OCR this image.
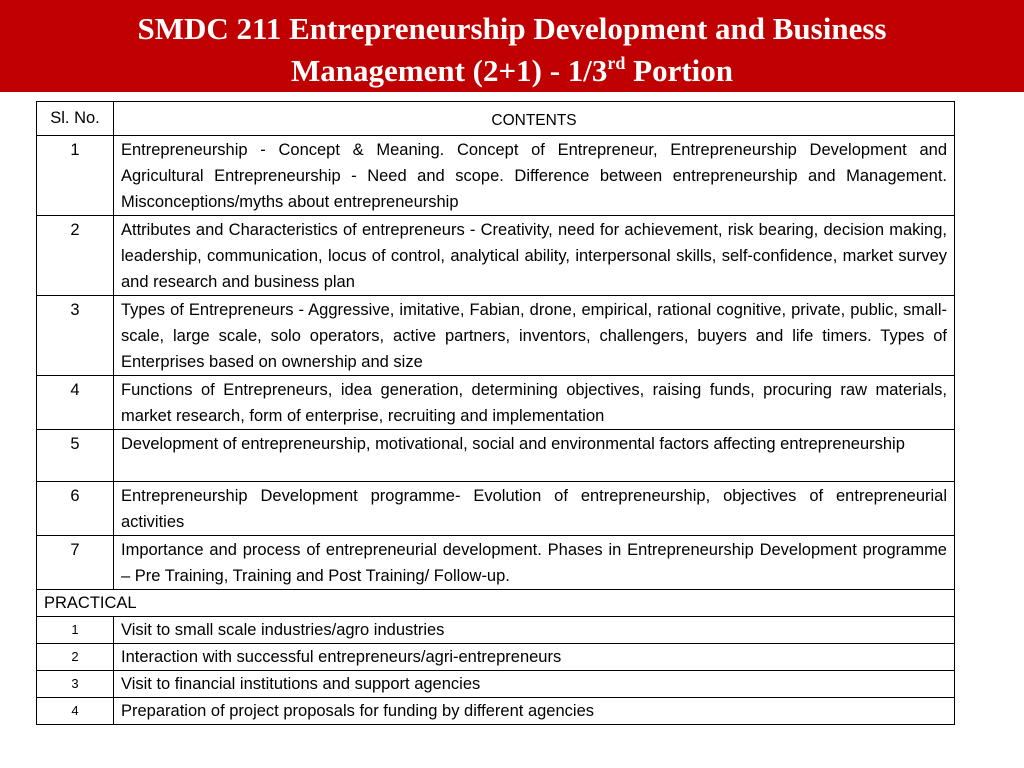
SMDC 211 Entrepreneurship Development and Business
Management (2+1) - 1/3rd Portion
Sl. No.	CONTENTS
1	Entrepreneurship - Concept & Meaning. Concept of Entrepreneur, Entrepreneurship Development and Agricultural Entrepreneurship - Need and scope. Difference between entrepreneurship and Management. Misconceptions/myths about entrepreneurship
2	Attributes and Characteristics of entrepreneurs - Creativity, need for achievement, risk bearing, decision making, leadership, communication, locus of control, analytical ability, interpersonal skills, self-confidence, market survey and research and business plan
3	Types of Entrepreneurs - Aggressive, imitative, Fabian, drone, empirical, rational cognitive, private, public, small-scale, large scale, solo operators, active partners, inventors, challengers, buyers and life timers. Types of Enterprises based on ownership and size
4	Functions of Entrepreneurs, idea generation, determining objectives, raising funds, procuring raw materials, market research, form of enterprise, recruiting and implementation
5	Development of entrepreneurship, motivational, social and environmental factors affecting entrepreneurship
6	Entrepreneurship Development programme- Evolution of entrepreneurship, objectives of entrepreneurial activities
7	Importance and process of entrepreneurial development. Phases in Entrepreneurship Development programme – Pre Training, Training and Post Training/ Follow-up.
PRACTICAL	
1	Visit to small scale industries/agro industries
2	Interaction with successful entrepreneurs/agri-entrepreneurs
3	Visit to financial institutions and support agencies
4	Preparation of project proposals for funding by different agencies
